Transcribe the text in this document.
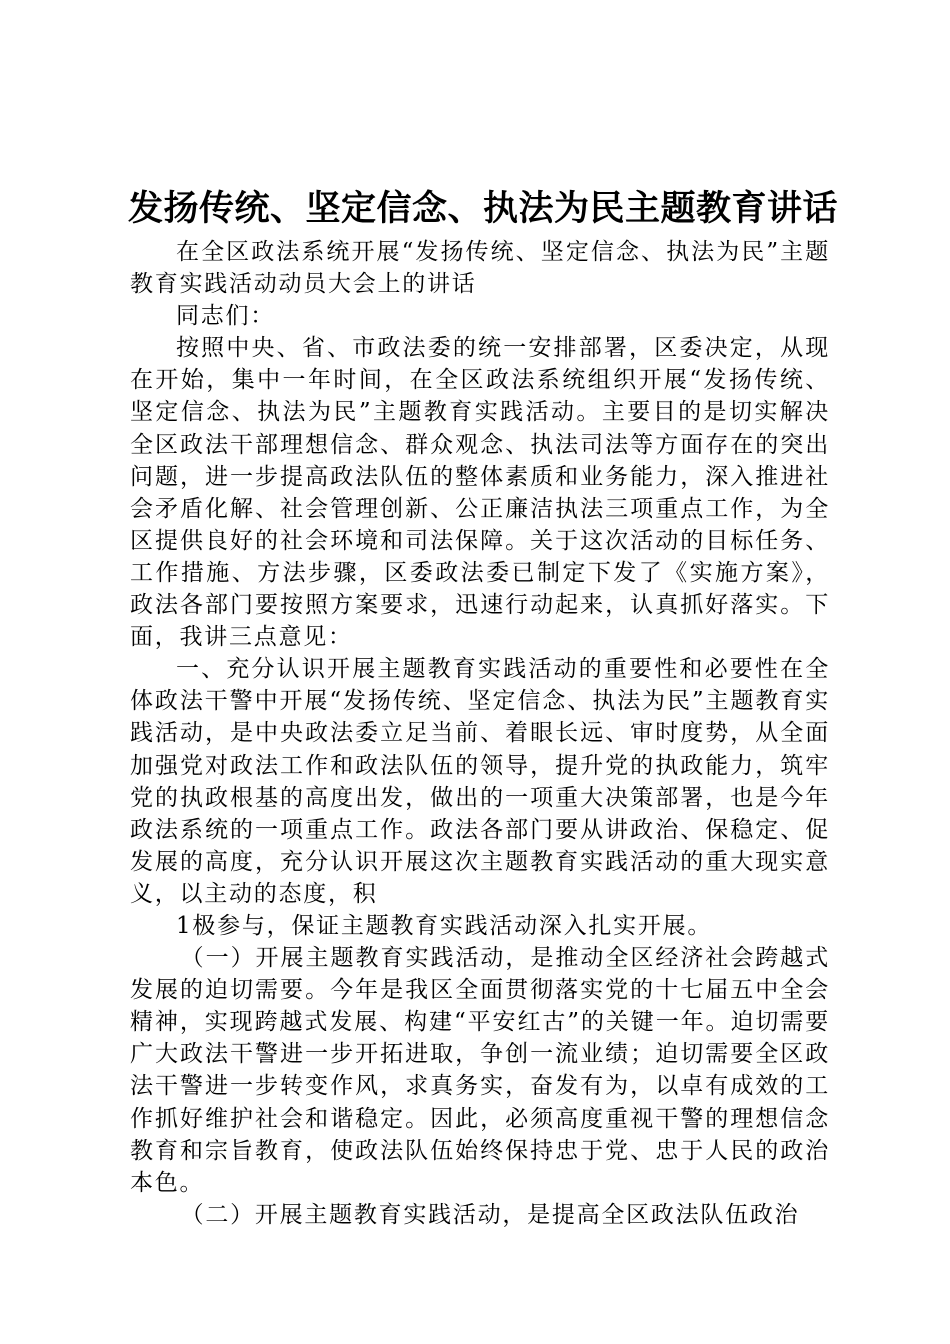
发扬传统、坚定信念、执法为民主题教育讲话

在全区政法系统开展“发扬传统、坚定信念、执法为民”主题教育实践活动动员大会上的讲话

同志们：

按照中央、省、市政法委的统一安排部署，区委决定，从现在开始，集中一年时间，在全区政法系统组织开展“发扬传统、坚定信念、执法为民”主题教育实践活动。主要目的是切实解决全区政法干部理想信念、群众观念、执法司法等方面存在的突出问题，进一步提高政法队伍的整体素质和业务能力，深入推进社会矛盾化解、社会管理创新、公正廉洁执法三项重点工作，为全区提供良好的社会环境和司法保障。关于这次活动的目标任务、工作措施、方法步骤，区委政法委已制定下发了《实施方案》，政法各部门要按照方案要求，迅速行动起来，认真抓好落实。下面，我讲三点意见：

一、充分认识开展主题教育实践活动的重要性和必要性在全体政法干警中开展“发扬传统、坚定信念、执法为民”主题教育实践活动，是中央政法委立足当前、着眼长远、审时度势，从全面加强党对政法工作和政法队伍的领导，提升党的执政能力，筑牢党的执政根基的高度出发，做出的一项重大决策部署，也是今年政法系统的一项重点工作。政法各部门要从讲政治、保稳定、促发展的高度，充分认识开展这次主题教育实践活动的重大现实意义，以主动的态度，积

1极参与，保证主题教育实践活动深入扎实开展。

（一）开展主题教育实践活动，是推动全区经济社会跨越式发展的迫切需要。今年是我区全面贯彻落实党的十七届五中全会精神，实现跨越式发展、构建“平安红古”的关键一年。迫切需要广大政法干警进一步开拓进取，争创一流业绩；迫切需要全区政法干警进一步转变作风，求真务实，奋发有为，以卓有成效的工作抓好维护社会和谐稳定。因此，必须高度重视干警的理想信念教育和宗旨教育，使政法队伍始终保持忠于党、忠于人民的政治本色。

（二）开展主题教育实践活动，是提高全区政法队伍政治
